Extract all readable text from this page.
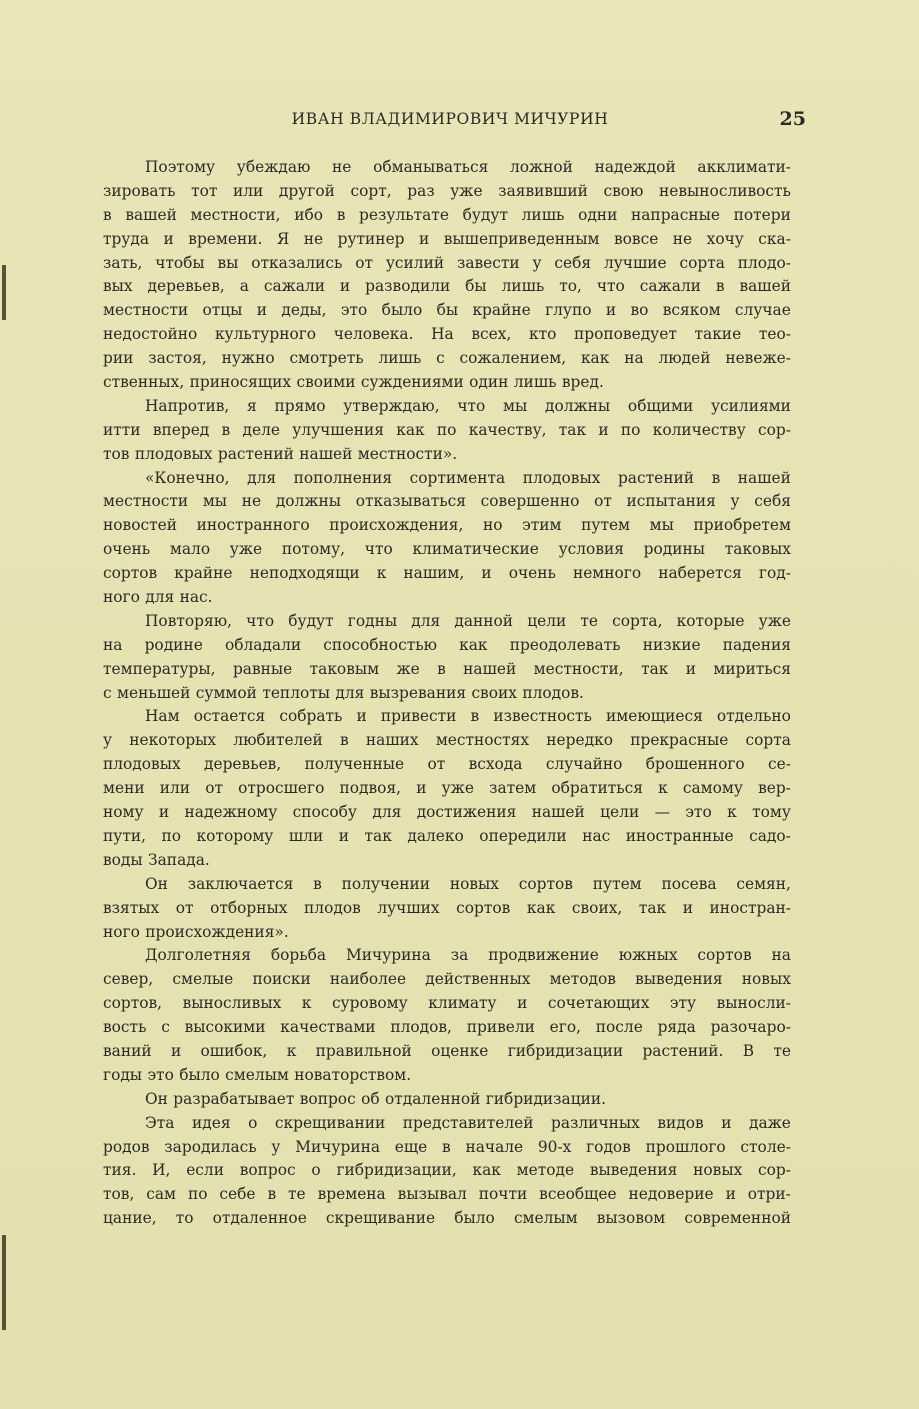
ИВАН ВЛАДИМИРОВИЧ МИЧУРИН	25
Поэтому убеждаю не обманываться ложной надеждой акклимати-
зировать тот или другой сорт, раз уже заявивший свою невыносливость
в вашей местности, ибо в результате будут лишь одни напрасные потери
труда и времени. Я не рутинер и вышеприведенным вовсе не хочу ска-
зать, чтобы вы отказались от усилий завести у себя лучшие сорта плодо-
вых деревьев, а сажали и разводили бы лишь то, что сажали в вашей
местности отцы и деды, это было бы крайне глупо и во всяком случае
недостойно культурного человека. На всех, кто проповедует такие тео-
рии застоя, нужно смотреть лишь с сожалением, как на людей невеже-
ственных, приносящих своими суждениями один лишь вред.
Напротив, я прямо утверждаю, что мы должны общими усилиями
итти вперед в деле улучшения как по качеству, так и по количеству сор-
тов плодовых растений нашей местности».
«Конечно, для пополнения сортимента плодовых растений в нашей
местности мы не должны отказываться совершенно от испытания у себя
новостей иностранного происхождения, но этим путем мы приобретем
очень мало уже потому, что климатические условия родины таковых
сортов крайне неподходящи к нашим, и очень немного наберется год-
ного для нас.
Повторяю, что будут годны для данной цели те сорта, которые уже
на родине обладали способностью как преодолевать низкие падения
температуры, равные таковым же в нашей местности, так и мириться
с меньшей суммой теплоты для вызревания своих плодов.
Нам остается собрать и привести в известность имеющиеся отдельно
у некоторых любителей в наших местностях нередко прекрасные сорта
плодовых деревьев, полученные от всхода случайно брошенного се-
мени или от отросшего подвоя, и уже затем обратиться к самому вер-
ному и надежному способу для достижения нашей цели — это к тому
пути, по которому шли и так далеко опередили нас иностранные садо-
воды Запада.
Он заключается в получении новых сортов путем посева семян,
взятых от отборных плодов лучших сортов как своих, так и иностран-
ного происхождения».
Долголетняя борьба Мичурина за продвижение южных сортов на
север, смелые поиски наиболее действенных методов выведения новых
сортов, выносливых к суровому климату и сочетающих эту выносли-
вость с высокими качествами плодов, привели его, после ряда разочаро-
ваний и ошибок, к правильной оценке гибридизации растений. В те
годы это было смелым новаторством.
Он разрабатывает вопрос об отдаленной гибридизации.
Эта идея о скрещивании представителей различных видов и даже
родов зародилась у Мичурина еще в начале 90-х годов прошлого столе-
тия. И, если вопрос о гибридизации, как методе выведения новых сор-
тов, сам по себе в те времена вызывал почти всеобщее недоверие и отри-
цание, то отдаленное скрещивание было смелым вызовом современной
